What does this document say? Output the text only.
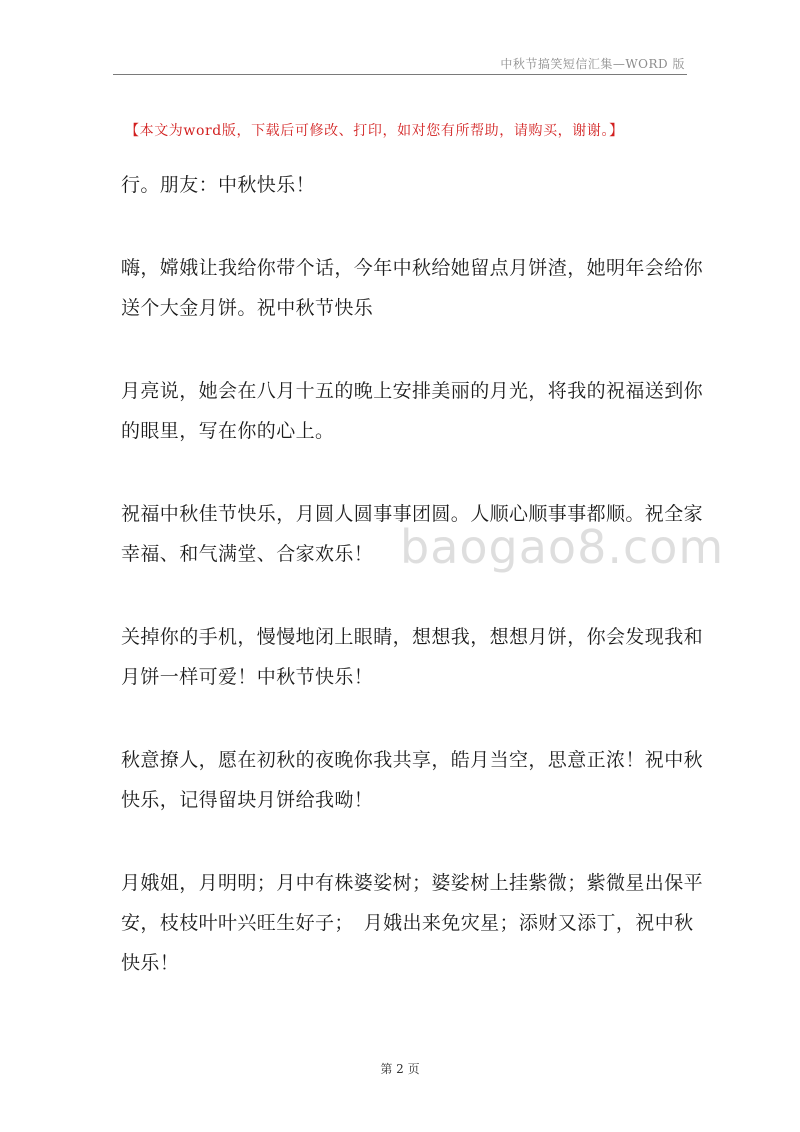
中秋节搞笑短信汇集—WORD 版
【本文为word版，下载后可修改、打印，如对您有所帮助，请购买，谢谢。】

行。朋友：中秋快乐！

嗨，嫦娥让我给你带个话，今年中秋给她留点月饼渣，她明年会给你
送个大金月饼。祝中秋节快乐

月亮说，她会在八月十五的晚上安排美丽的月光，将我的祝福送到你
的眼里，写在你的心上。

祝福中秋佳节快乐，月圆人圆事事团圆。人顺心顺事事都顺。祝全家
幸福、和气满堂、合家欢乐！

关掉你的手机，慢慢地闭上眼睛，想想我，想想月饼，你会发现我和
月饼一样可爱！中秋节快乐！

秋意撩人，愿在初秋的夜晚你我共享，皓月当空，思意正浓！祝中秋
快乐，记得留块月饼给我呦！

月娥姐，月明明；月中有株婆娑树；婆娑树上挂紫微；紫微星出保平
安，枝枝叶叶兴旺生好子；　月娥出来免灾星；添财又添丁，祝中秋
快乐！

baogao8.com
第 2 页
